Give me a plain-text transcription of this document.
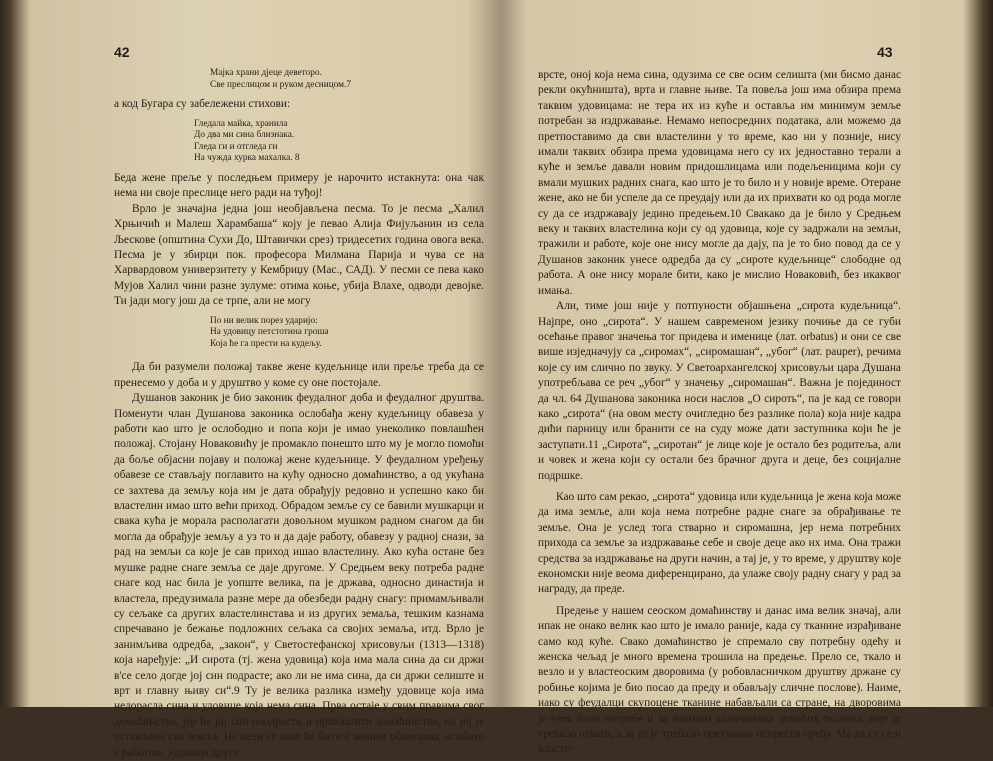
42
Мајка храни дјеце деветоро.
Све преслицом и руком десницом.7

а код Бугара су забележени стихови:

Гледала майка, хранила
До два ми сина близнака.
Гледа ги и отгледа ги
На чужда хурка махалка. 8

Беда жене преље у последњем примеру је нарочито истакнута: она чак нема ни своје преслице него ради на туђој!

Врло је значајна једна још необјављена песма. То је песма „Халил Хрњичић и Малеш Харамбаша“ коју је певао Алија Фијуљанин из села Љескове (општина Сухи До, Штавички срез) тридесетих година овога века. Песма је у збирци пок. професора Милмана Парија и чува се на Харвардовом универзитету у Кембриџу (Мас., САД). У песми се пева како Мујов Халил чини разне зулуме: отима коње, убија Влахе, одводи девојке. Ти јади могу још да се трпе, али не могу

По ни велик порез ударијо:
На удовицу петстотина гроша
Која ће га прести на кудељу.

Да би разумели положај такве жене кудељнице или прeље треба да се пренесемо у доба и у друштво у коме су оне постојале.

Душанов законик је био законик феудалног доба и феудалног друштва. Поменути члан Душанова законика ослобађа жену кудељницу обавеза у работи као што је ослободио и попа који је имао унеколико повлашћен положај. Стојану Новаковићу је промакло понешто што му је могло помоћи да боље објасни појаву и положај жене кудељнице. У феудалном уређењу обавезе се стављају поглавито на кућу односно домаћинство, а од укућана се захтева да земљу која им је дата обрађују редовно и успешно како би властелин имао што већи приход. Обрадом земље су се бавили мушкарци и свака кућа је морала располагати довољном мушком радном снагом да би могла да обрађује земљу а уз то и да даје работу, обавезу у радној снази, за рад на земљи са које је сав приход ишао властелину. Ако кућа остане без мушке радне снаге земља се даје другоме. У Средњем веку потреба радне снаге код нас била је уопште велика, па је држава, односно династија и властела, предузимала разне мере да обезбеди радну снагу: примамљивали су сељаке са других властелинстава и из других земаља, тешким казнама спречавано је бежање подложних сељака са својих земаља, итд. Врло је занимљива одредба, „закон“, у Светостефанској хрисовуљи (1313—1318) која наређује: „И сирота (тј. жена удовица) која има мала сина да си држи в'се село догде јој син подрасте; ако ли не има сина, да си држи селиште и врт и главну њиву си“.9 Ту је велика разлика између удовице која има недорасла сина и удовице која нема сина. Прва остаје у свим правима свог домаћинства, јер ће јој син поодрасти и прихватити домаћинство, па јој је остављена сва земља. Не вели се како ће бити с њеним обавезама, особито с работом. Удовици друге

43

врсте, оној која нема сина, одузима се све осим селишта (ми бисмо данас рекли окућништа), врта и главне њиве. Та повеља још има обзира према таквим удовицама: не тера их из куће и оставља им минимум земље потребан за издржавање. Немамо непосредних података, али можемо да претпоставимо да сви властелини у то време, као ни у познијe, нису имали таквих обзира према удовицама него су их једноставно терали а куће и земље давали новим придошлицама или подељеницима који су вмали мушких радних снага, као што је то било и у новије време. Отеране жене, ако не би успеле да се преудају или да их прихвати ко од рода могле су да се издржавају једино предењем.10 Свакако да је било у Средњем веку и таквих властелина који су од удовица, које су задржали на земљи, тражили и работе, које оне нису могле да дају, па је то био повод да се у Душанов законик унесе одредба да су „сироте кудељнице“ слободне од работа. А оне нису морале бити, како је мислио Новаковић, без икаквог имања.

Али, тиме још није у потпуности објашњена „сирота кудељница“. Најпре, оно „сирота“. У нашем савременом језику почиње да се губи осећање правог значења тог придева и именице (лат. orbatus) и они се све више изједначују са „сиромах“, „сиромашан“, „убог“ (лат. pauper), речима које су им слично по звуку. У Светоархангелској хрисовуљи цара Душана употребљава се реч „убог“ у значењу „сиромашан“. Важна је појединост да чл. 64 Душанова законика носи наслов „О сироть“, па је кад се говори како „сирота“ (на овом месту очигледно без разлике пола) која није кадра дићи парницу или бранити се на суду може дати заступника који ће је заступати.11 „Сирота“, „сиротан“ је лице које је остало без родитеља, али и човек и жена који су остали без брачног друга и деце, без социјалне подршке.

Као што сам рекао, „сирота“ удовица или кудељница је жена која може да има земље, али која нема потребне радне снаге за обрађивање те земље. Она је услед тога стварно и сиромашна, јер нема потребних прихода са земље за издржавање себе и своје деце ако их има. Она тражи средства за издржавање на други начин, а тај је, у то време, у друштву које економски није веома диференцирано, да улаже своју радну снагу у рад за награду, да преде.

Предење у нашем сеоском домаћинству и данас има велик значај, али ипак не онако велик као што је имало раније, када су тканине израђиване само код куће. Свако домаћинство је спремало сву потребну одећу и женска чељад је много времена трошила на предење. Прело се, ткало и везло и у властеоским дворовима (у робовласничком друштву држане су робиње којима је био посао да преду и обављају сличне послове). Наиме, иако су феудалци скупоцене тканине набављали са стране, на дворовима је увек било потребе и за знатним количинама домаћих тканина, које је требало откати, а за то је требало претходно испрести пређу. Ма да су се и власте-
